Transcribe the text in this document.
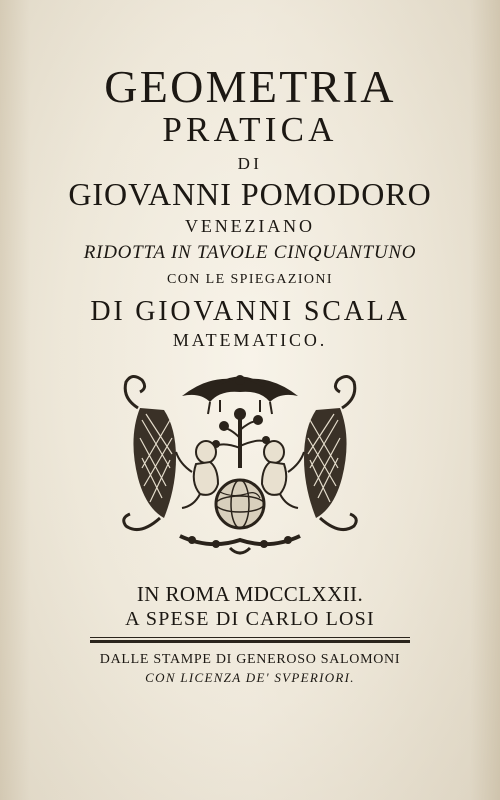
GEOMETRIA
PRATICA
DI
GIOVANNI POMODORO
VENEZIANO
RIDOTTA IN TAVOLE CINQUANTUNO
CON LE SPIEGAZIONI
DI GIOVANNI SCALA
MATEMATICO.
IN ROMA MDCCLXXII.
A SPESE DI CARLO LOSI
DALLE STAMPE DI GENEROSO SALOMONI
CON LICENZA DE' SVPERIORI.
